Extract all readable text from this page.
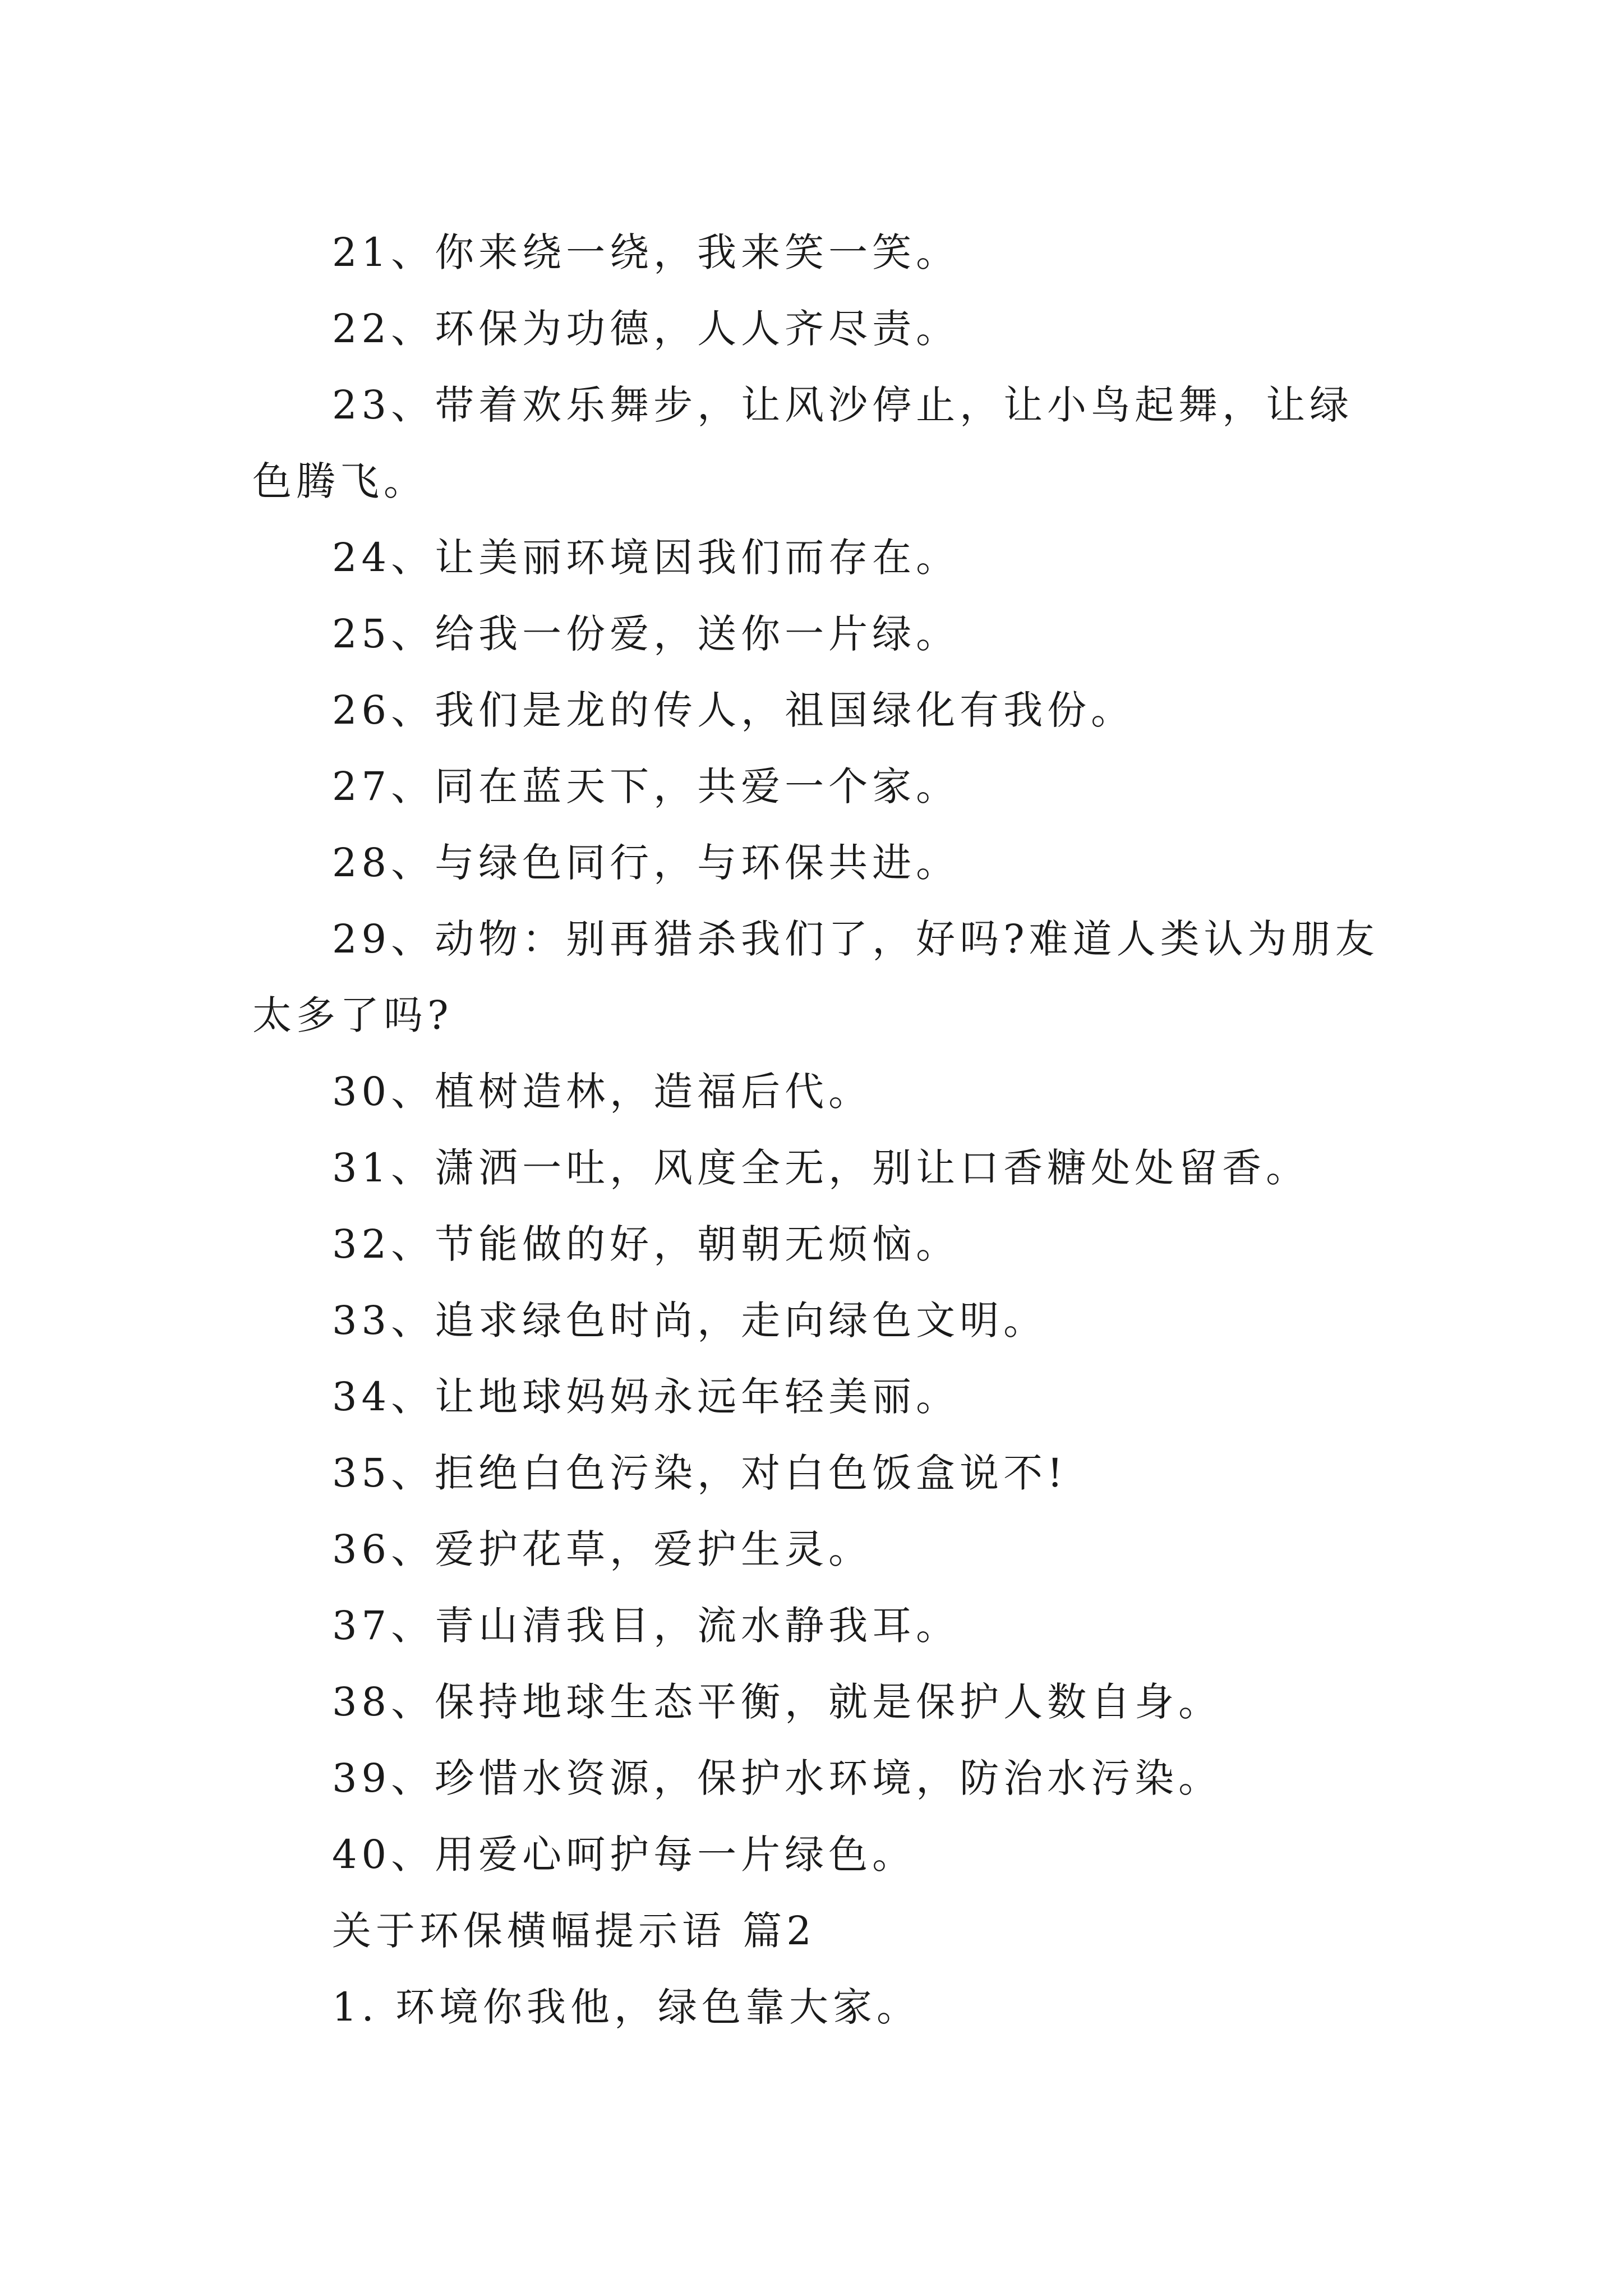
21、你来绕一绕，我来笑一笑。

22、环保为功德，人人齐尽责。

23、带着欢乐舞步，让风沙停止，让小鸟起舞，让绿色腾飞。

24、让美丽环境因我们而存在。

25、给我一份爱，送你一片绿。

26、我们是龙的传人，祖国绿化有我份。

27、同在蓝天下，共爱一个家。

28、与绿色同行，与环保共进。

29、动物：别再猎杀我们了，好吗?难道人类认为朋友太多了吗?

30、植树造林，造福后代。

31、潇洒一吐，风度全无，别让口香糖处处留香。

32、节能做的好，朝朝无烦恼。

33、追求绿色时尚，走向绿色文明。

34、让地球妈妈永远年轻美丽。

35、拒绝白色污染，对白色饭盒说不!

36、爱护花草，爱护生灵。

37、青山清我目，流水静我耳。

38、保持地球生态平衡，就是保护人数自身。

39、珍惜水资源，保护水环境，防治水污染。

40、用爱心呵护每一片绿色。

关于环保横幅提示语 篇2

1. 环境你我他，绿色靠大家。
